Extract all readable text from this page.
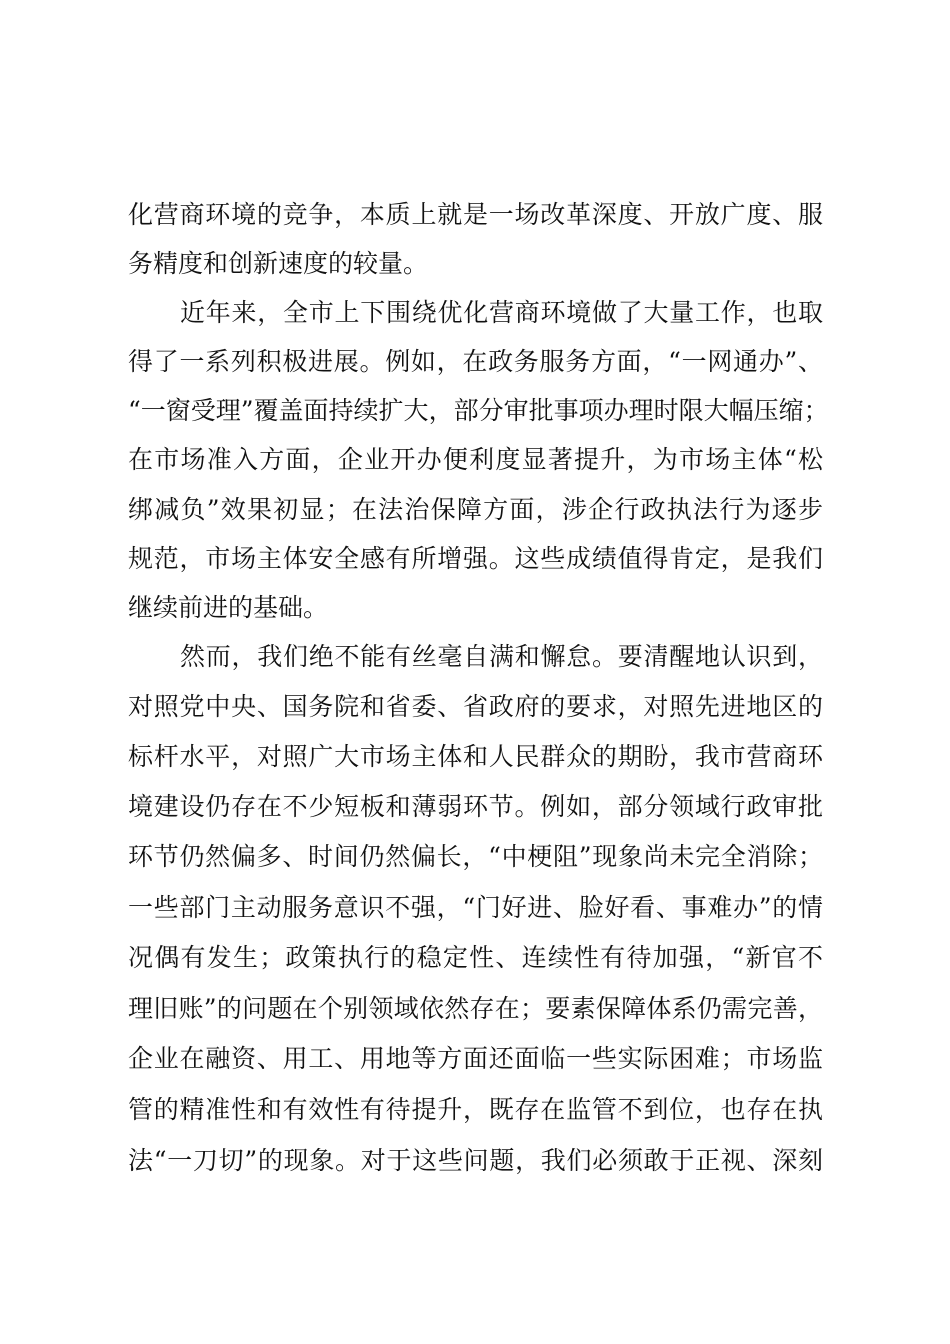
化营商环境的竞争，本质上就是一场改革深度、开放广度、服
务精度和创新速度的较量。
近年来，全市上下围绕优化营商环境做了大量工作，也取
得了一系列积极进展。例如，在政务服务方面，“一网通办”、
“一窗受理”覆盖面持续扩大，部分审批事项办理时限大幅压缩；
在市场准入方面，企业开办便利度显著提升，为市场主体“松
绑减负”效果初显；在法治保障方面，涉企行政执法行为逐步
规范，市场主体安全感有所增强。这些成绩值得肯定，是我们
继续前进的基础。
然而，我们绝不能有丝毫自满和懈怠。要清醒地认识到，
对照党中央、国务院和省委、省政府的要求，对照先进地区的
标杆水平，对照广大市场主体和人民群众的期盼，我市营商环
境建设仍存在不少短板和薄弱环节。例如，部分领域行政审批
环节仍然偏多、时间仍然偏长，“中梗阻”现象尚未完全消除；
一些部门主动服务意识不强，“门好进、脸好看、事难办”的情
况偶有发生；政策执行的稳定性、连续性有待加强，“新官不
理旧账”的问题在个别领域依然存在；要素保障体系仍需完善，
企业在融资、用工、用地等方面还面临一些实际困难；市场监
管的精准性和有效性有待提升，既存在监管不到位，也存在执
法“一刀切”的现象。对于这些问题，我们必须敢于正视、深刻
